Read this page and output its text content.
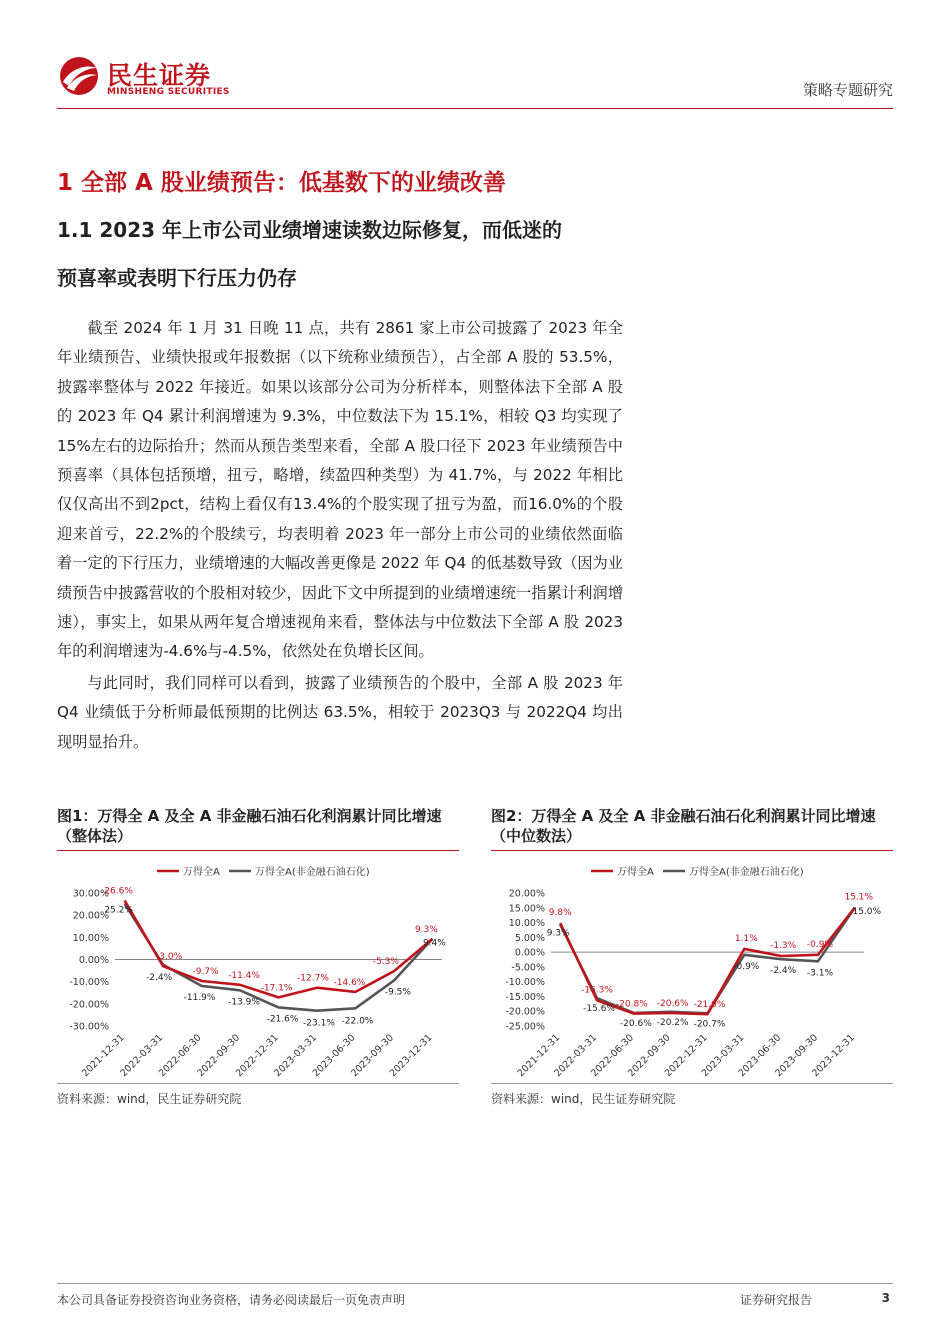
民生证券
MINSHENG SECURITIES	策略专题研究
1 全部 A 股业绩预告：低基数下的业绩改善
1.1 2023 年上市公司业绩增速读数边际修复，而低迷的
预喜率或表明下行压力仍存

截至 2024 年 1 月 31 日晚 11 点，共有 2861 家上市公司披露了 2023 年全年业绩预告、业绩快报或年报数据（以下统称业绩预告），占全部 A 股的 53.5%，披露率整体与 2022 年接近。如果以该部分公司为分析样本，则整体法下全部 A 股的 2023 年 Q4 累计利润增速为 9.3%，中位数法下为 15.1%，相较 Q3 均实现了 15%左右的边际抬升；然而从预告类型来看，全部 A 股口径下 2023 年业绩预告中预喜率（具体包括预增，扭亏，略增，续盈四种类型）为 41.7%，与 2022 年相比仅仅高出不到2pct，结构上看仅有13.4%的个股实现了扭亏为盈，而16.0%的个股迎来首亏，22.2%的个股续亏，均表明着 2023 年一部分上市公司的业绩依然面临着一定的下行压力，业绩增速的大幅改善更像是 2022 年 Q4 的低基数导致（因为业绩预告中披露营收的个股相对较少，因此下文中所提到的业绩增速统一指累计利润增速），事实上，如果从两年复合增速视角来看，整体法与中位数法下全部 A 股 2023 年的利润增速为-4.6%与-4.5%，依然处在负增长区间。

与此同时，我们同样可以看到，披露了业绩预告的个股中，全部 A 股 2023 年 Q4 业绩低于分析师最低预期的比例达 63.5%，相较于 2023Q3 与 2022Q4 均出现明显抬升。

图1：万得全 A 及全 A 非金融石油石化利润累计同比增速（整体法）
万得全A	万得全A(非金融石油石化)
30.00%
20.00%
10.00%
0.00%
-10.00%
-20.00%
-30.00%
2021-12-31
2022-03-31
2022-06-30
2022-09-30
2022-12-31
2023-03-31
2023-06-30
2023-09-30
2023-12-31
26.6%
-3.0%
-9.7% -11.4%
-17.1%
-12.7% -14.6%
-5.3%
9.3%
25.2%
-2.4%
-11.9% -13.9%
-21.6% -23.1% -22.0%
-9.5%
9.4%
资料来源：wind，民生证券研究院
图2：万得全 A 及全 A 非金融石油石化利润累计同比增速（中位数法）
万得全A	万得全A(非金融石油石化)
20.00%
15.00%
10.00%
5.00%
0.00%
-5.00%
-10.00%
-15.00%
-20.00%
-25.00%
2021-12-31
2022-03-31
2022-06-30
2022-09-30
2022-12-31
2023-03-31
2023-06-30
2023-09-30
2023-12-31
9.8%
-16.3%
-20.8% -20.6% -21.0%
1.1%
-1.3% -0.9%
15.1%
9.3%
-15.6%
-20.6% -20.2% -20.7%
-0.9% -2.4% -3.1%
15.0%
资料来源：wind，民生证券研究院
本公司具备证券投资咨询业务资格，请务必阅读最后一页免责声明	证券研究报告	3
